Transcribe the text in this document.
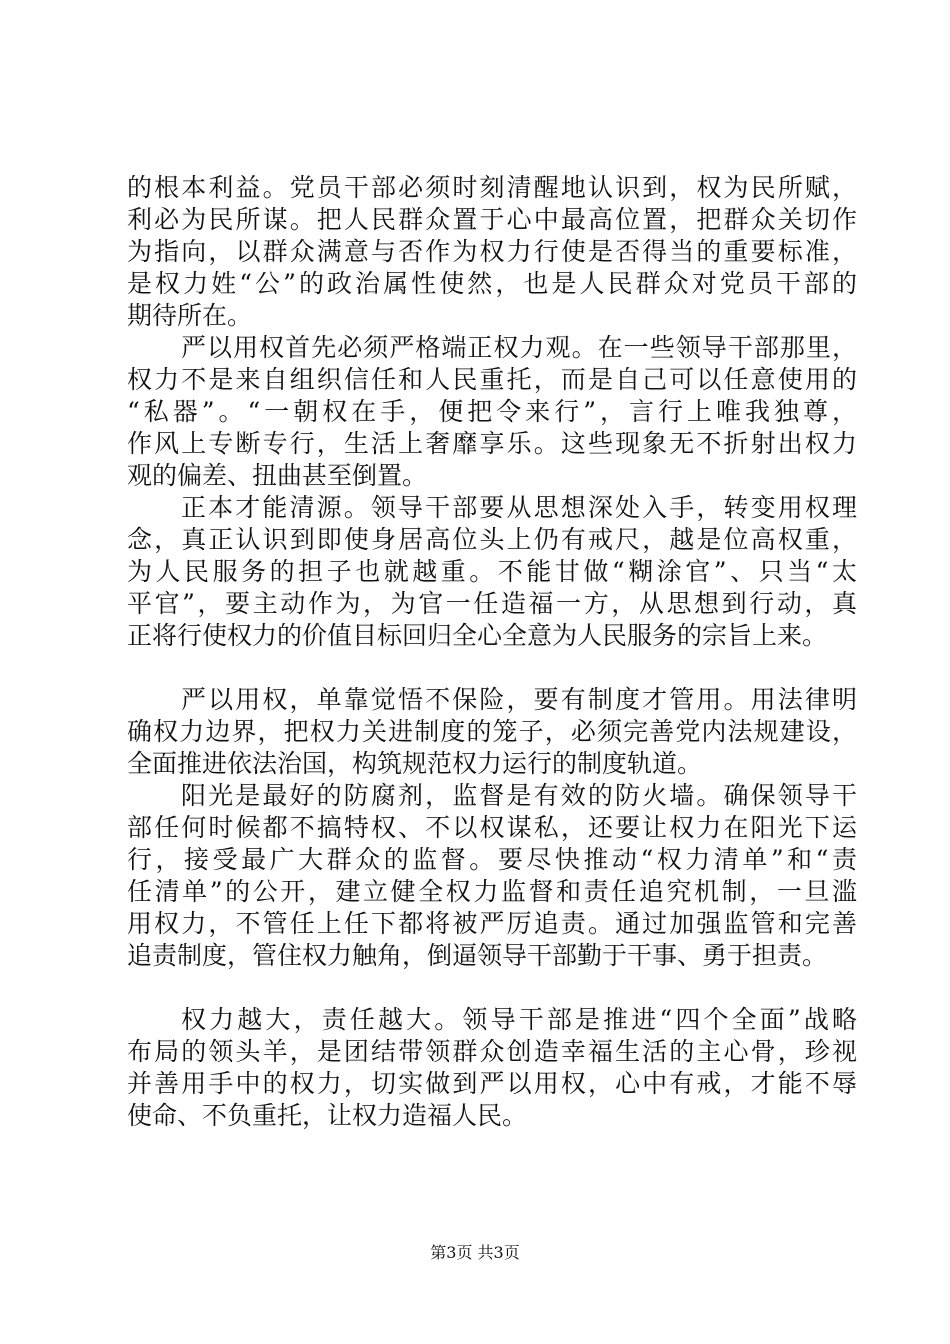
的根本利益。党员干部必须时刻清醒地认识到，权为民所赋，
利必为民所谋。把人民群众置于心中最高位置，把群众关切作
为指向，以群众满意与否作为权力行使是否得当的重要标准，
是权力姓“公”的政治属性使然，也是人民群众对党员干部的
期待所在。
严以用权首先必须严格端正权力观。在一些领导干部那里，
权力不是来自组织信任和人民重托，而是自己可以任意使用的
“私器”。“一朝权在手，便把令来行”，言行上唯我独尊，
作风上专断专行，生活上奢靡享乐。这些现象无不折射出权力
观的偏差、扭曲甚至倒置。
正本才能清源。领导干部要从思想深处入手，转变用权理
念，真正认识到即使身居高位头上仍有戒尺，越是位高权重，
为人民服务的担子也就越重。不能甘做“糊涂官”、只当“太
平官”，要主动作为，为官一任造福一方，从思想到行动，真
正将行使权力的价值目标回归全心全意为人民服务的宗旨上来。
严以用权，单靠觉悟不保险，要有制度才管用。用法律明
确权力边界，把权力关进制度的笼子，必须完善党内法规建设，
全面推进依法治国，构筑规范权力运行的制度轨道。
阳光是最好的防腐剂，监督是有效的防火墙。确保领导干
部任何时候都不搞特权、不以权谋私，还要让权力在阳光下运
行，接受最广大群众的监督。要尽快推动“权力清单”和“责
任清单”的公开，建立健全权力监督和责任追究机制，一旦滥
用权力，不管任上任下都将被严厉追责。通过加强监管和完善
追责制度，管住权力触角，倒逼领导干部勤于干事、勇于担责。
权力越大，责任越大。领导干部是推进“四个全面”战略
布局的领头羊，是团结带领群众创造幸福生活的主心骨，珍视
并善用手中的权力，切实做到严以用权，心中有戒，才能不辱
使命、不负重托，让权力造福人民。
第3页 共3页
